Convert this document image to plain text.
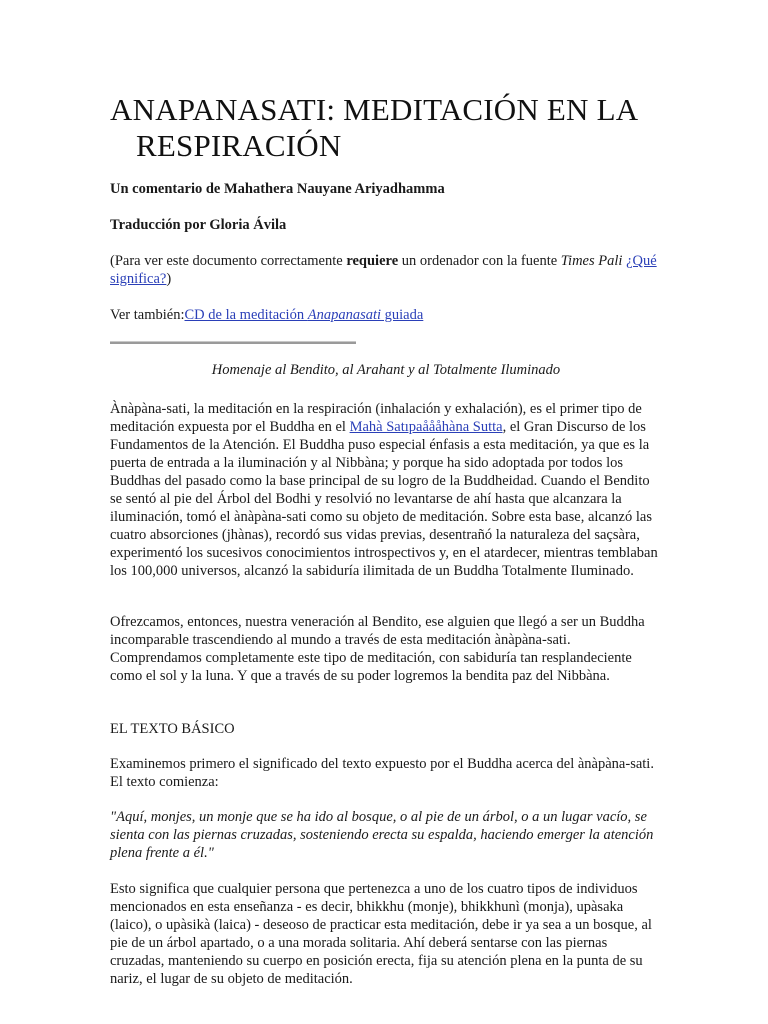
ANAPANASATI: MEDITACIÓN EN LA
RESPIRACIÓN
Un comentario de Mahathera Nauyane Ariyadhamma
Traducción por Gloria Ávila
(Para ver este documento correctamente requiere un ordenador con la fuente Times Pali ¿Qué significa?)
Ver también:CD de la meditación Anapanasati guiada
Homenaje al Bendito, al Arahant y al Totalmente Iluminado

Ànàpàna-sati, la meditación en la respiración (inhalación y exhalación), es el primer tipo de meditación expuesta por el Buddha en el Mahà Satıpaåååhàna Sutta, el Gran Discurso de los Fundamentos de la Atención. El Buddha puso especial énfasis a esta meditación, ya que es la puerta de entrada a la iluminación y al Nibbàna; y porque ha sido adoptada por todos los Buddhas del pasado como la base principal de su logro de la Buddheidad. Cuando el Bendito se sentó al pie del Árbol del Bodhi y resolvió no levantarse de ahí hasta que alcanzara la iluminación, tomó el ànàpàna-sati como su objeto de meditación. Sobre esta base, alcanzó las cuatro absorciones (jhànas), recordó sus vidas previas, desentrañó la naturaleza del saçsàra, experimentó los sucesivos conocimientos introspectivos y, en el atardecer, mientras temblaban los 100,000 universos, alcanzó la sabiduría ilimitada de un Buddha Totalmente Iluminado.

Ofrezcamos, entonces, nuestra veneración al Bendito, ese alguien que llegó a ser un Buddha incomparable trascendiendo al mundo a través de esta meditación ànàpàna-sati. Comprendamos completamente este tipo de meditación, con sabiduría tan resplandeciente como el sol y la luna. Y que a través de su poder logremos la bendita paz del Nibbàna.

EL TEXTO BÁSICO

Examinemos primero el significado del texto expuesto por el Buddha acerca del ànàpàna-sati. El texto comienza:

"Aquí, monjes, un monje que se ha ido al bosque, o al pie de un árbol, o a un lugar vacío, se sienta con las piernas cruzadas, sosteniendo erecta su espalda, haciendo emerger la atención plena frente a él."

Esto significa que cualquier persona que pertenezca a uno de los cuatro tipos de individuos mencionados en esta enseñanza - es decir, bhikkhu (monje), bhikkhunì (monja), upàsaka (laico), o upàsikà (laica) - deseoso de practicar esta meditación, debe ir ya sea a un bosque, al pie de un árbol apartado, o a una morada solitaria. Ahí deberá sentarse con las piernas cruzadas, manteniendo su cuerpo en posición erecta, fija su atención plena en la punta de su nariz, el lugar de su objeto de meditación.
